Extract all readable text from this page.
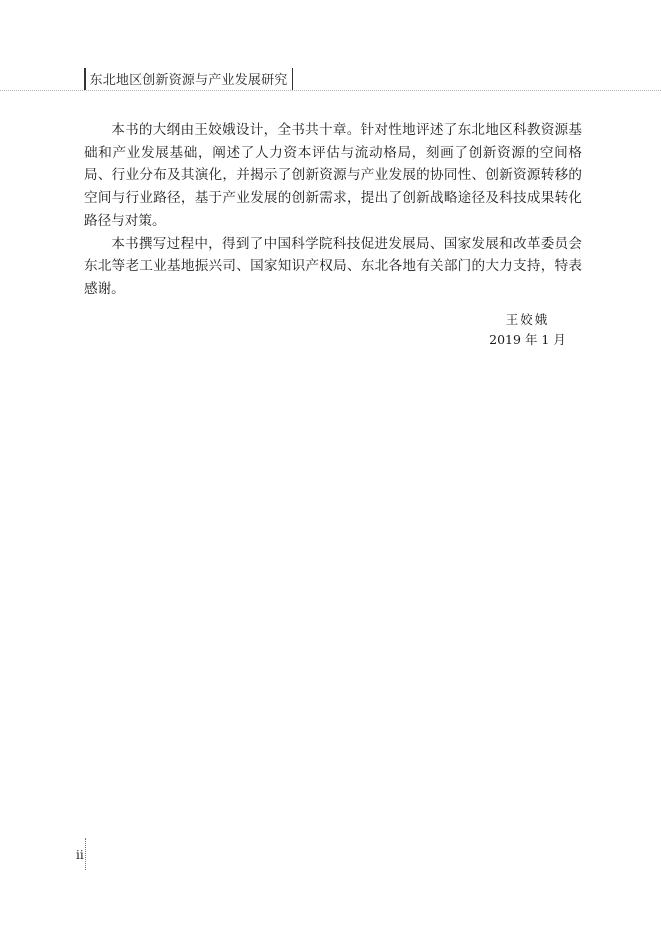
东北地区创新资源与产业发展研究

本书的大纲由王姣娥设计，全书共十章。针对性地评述了东北地区科教资源基础和产业发展基础，阐述了人力资本评估与流动格局，刻画了创新资源的空间格局、行业分布及其演化，并揭示了创新资源与产业发展的协同性、创新资源转移的空间与行业路径，基于产业发展的创新需求，提出了创新战略途径及科技成果转化路径与对策。

本书撰写过程中，得到了中国科学院科技促进发展局、国家发展和改革委员会东北等老工业基地振兴司、国家知识产权局、东北各地有关部门的大力支持，特表感谢。

王姣娥
2019 年 1 月
ii
